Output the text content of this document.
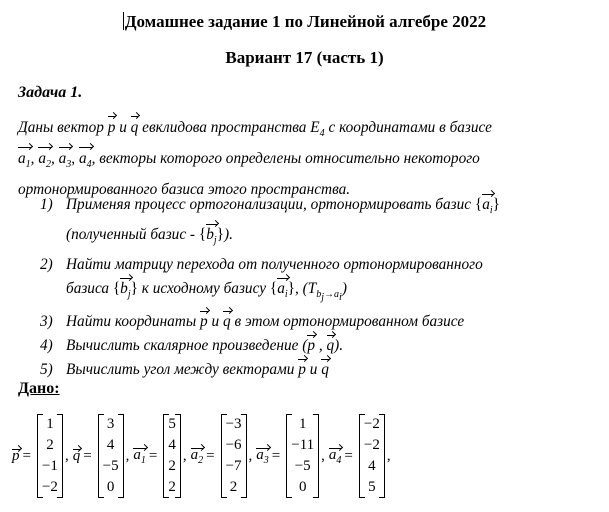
Домашнее задание 1 по Линейной алгебре 2022
Вариант 17 (часть 1)
Задача 1.
Даны вектор p и q евклидова пространства $E_4$ с координатами в базисе
$a_1$, $a_2$, $a_3$, $a_4$, векторы которого определены относительно некоторого
ортонормированного базиса этого пространства.
1) Применяя процесс ортогонализации, ортонормировать базис $\{a_i\}$
(полученный базис - $\{b_j\}$).
2) Найти матрицу перехода от полученного ортонормированного
базиса $\{b_j\}$ к исходному базису $\{a_i\}$, $(T_{b_j\to a_i})$
3) Найти координаты p и q в этом ортонормированном базисе
4) Вычислить скалярное произведение (p , q).
5) Вычислить угол между векторами p и q
Дано:
p =
1
2
−1
−2
, q =
3
4
−5
0
, $a_1$ =
5
4
2
2
, $a_2$ =
−3
−6
−7
2
, $a_3$ =
1
−11
−5
0
, $a_4$ =
−2
−2
4
5
,
